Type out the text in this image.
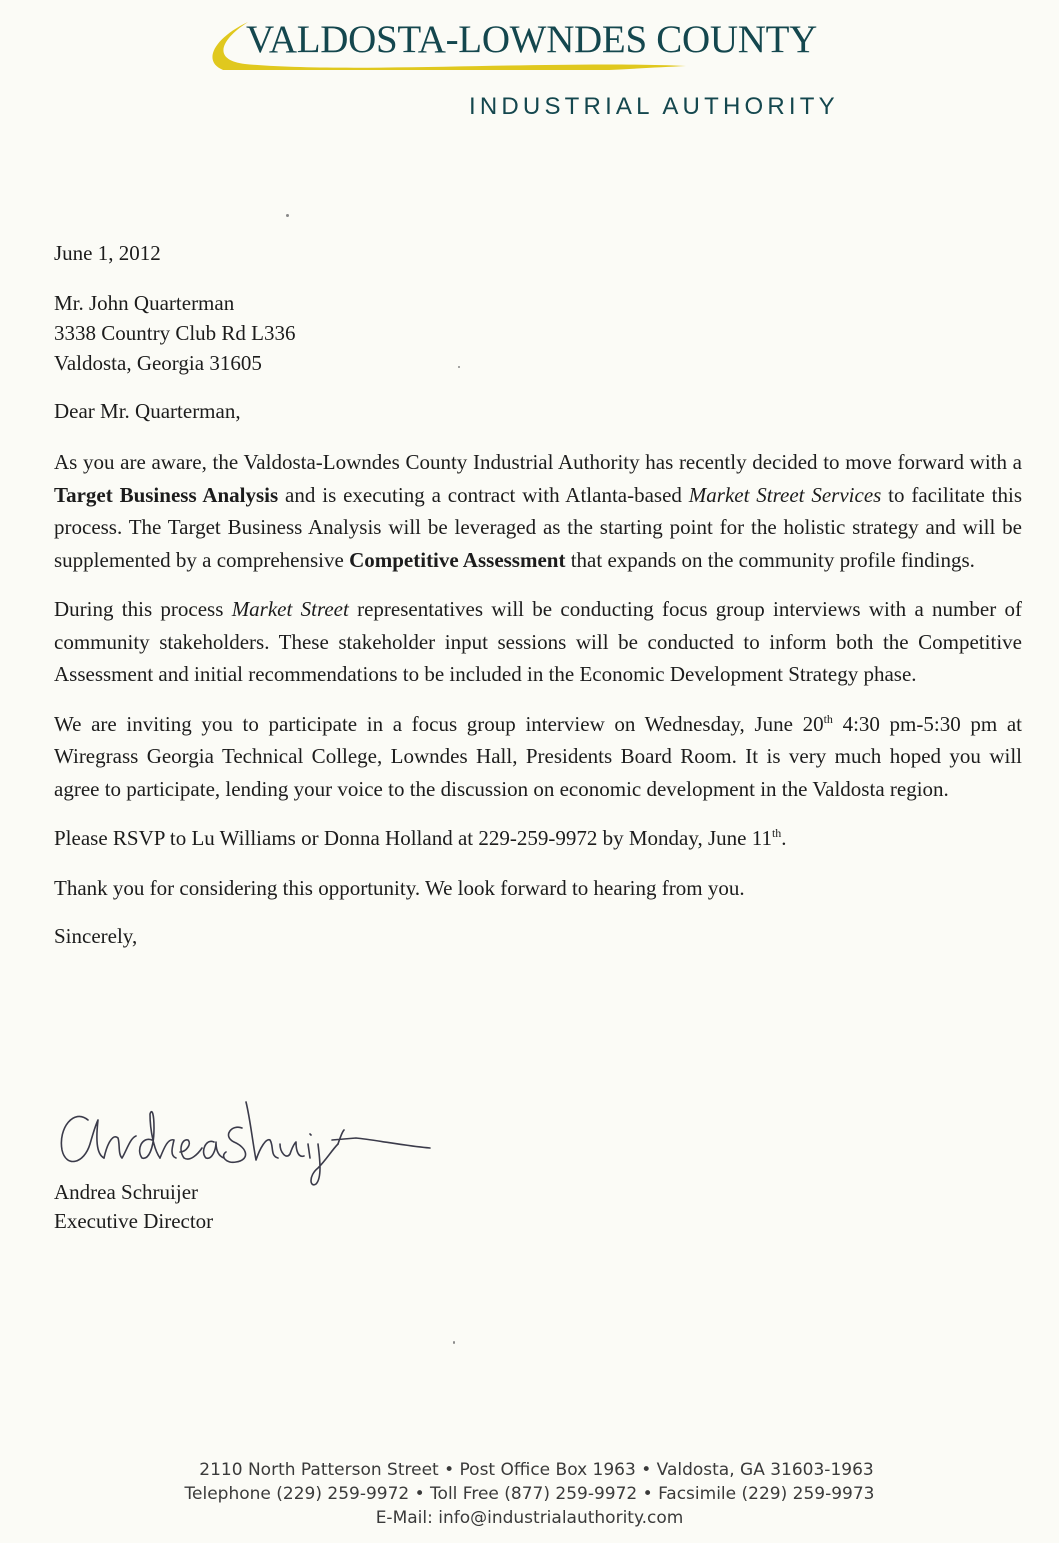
VALDOSTA-LOWNDES COUNTY
INDUSTRIAL AUTHORITY
June 1, 2012
Mr. John Quarterman
3338 Country Club Rd L336
Valdosta, Georgia 31605
Dear Mr. Quarterman,

As you are aware, the Valdosta-Lowndes County Industrial Authority has recently decided to move forward with a Target Business Analysis and is executing a contract with Atlanta-based Market Street Services to facilitate this process. The Target Business Analysis will be leveraged as the starting point for the holistic strategy and will be supplemented by a comprehensive Competitive Assessment that expands on the community profile findings.

During this process Market Street representatives will be conducting focus group interviews with a number of community stakeholders. These stakeholder input sessions will be conducted to inform both the Competitive Assessment and initial recommendations to be included in the Economic Development Strategy phase.

We are inviting you to participate in a focus group interview on Wednesday, June 20th 4:30 pm-5:30 pm at Wiregrass Georgia Technical College, Lowndes Hall, Presidents Board Room. It is very much hoped you will agree to participate, lending your voice to the discussion on economic development in the Valdosta region.

Please RSVP to Lu Williams or Donna Holland at 229-259-9972 by Monday, June 11th.

Thank you for considering this opportunity. We look forward to hearing from you.

Sincerely,
Andrea Schruijer
Executive Director
2110 North Patterson Street • Post Office Box 1963 • Valdosta, GA 31603-1963
Telephone (229) 259-9972 • Toll Free (877) 259-9972 • Facsimile (229) 259-9973
E-Mail: info@industrialauthority.com
